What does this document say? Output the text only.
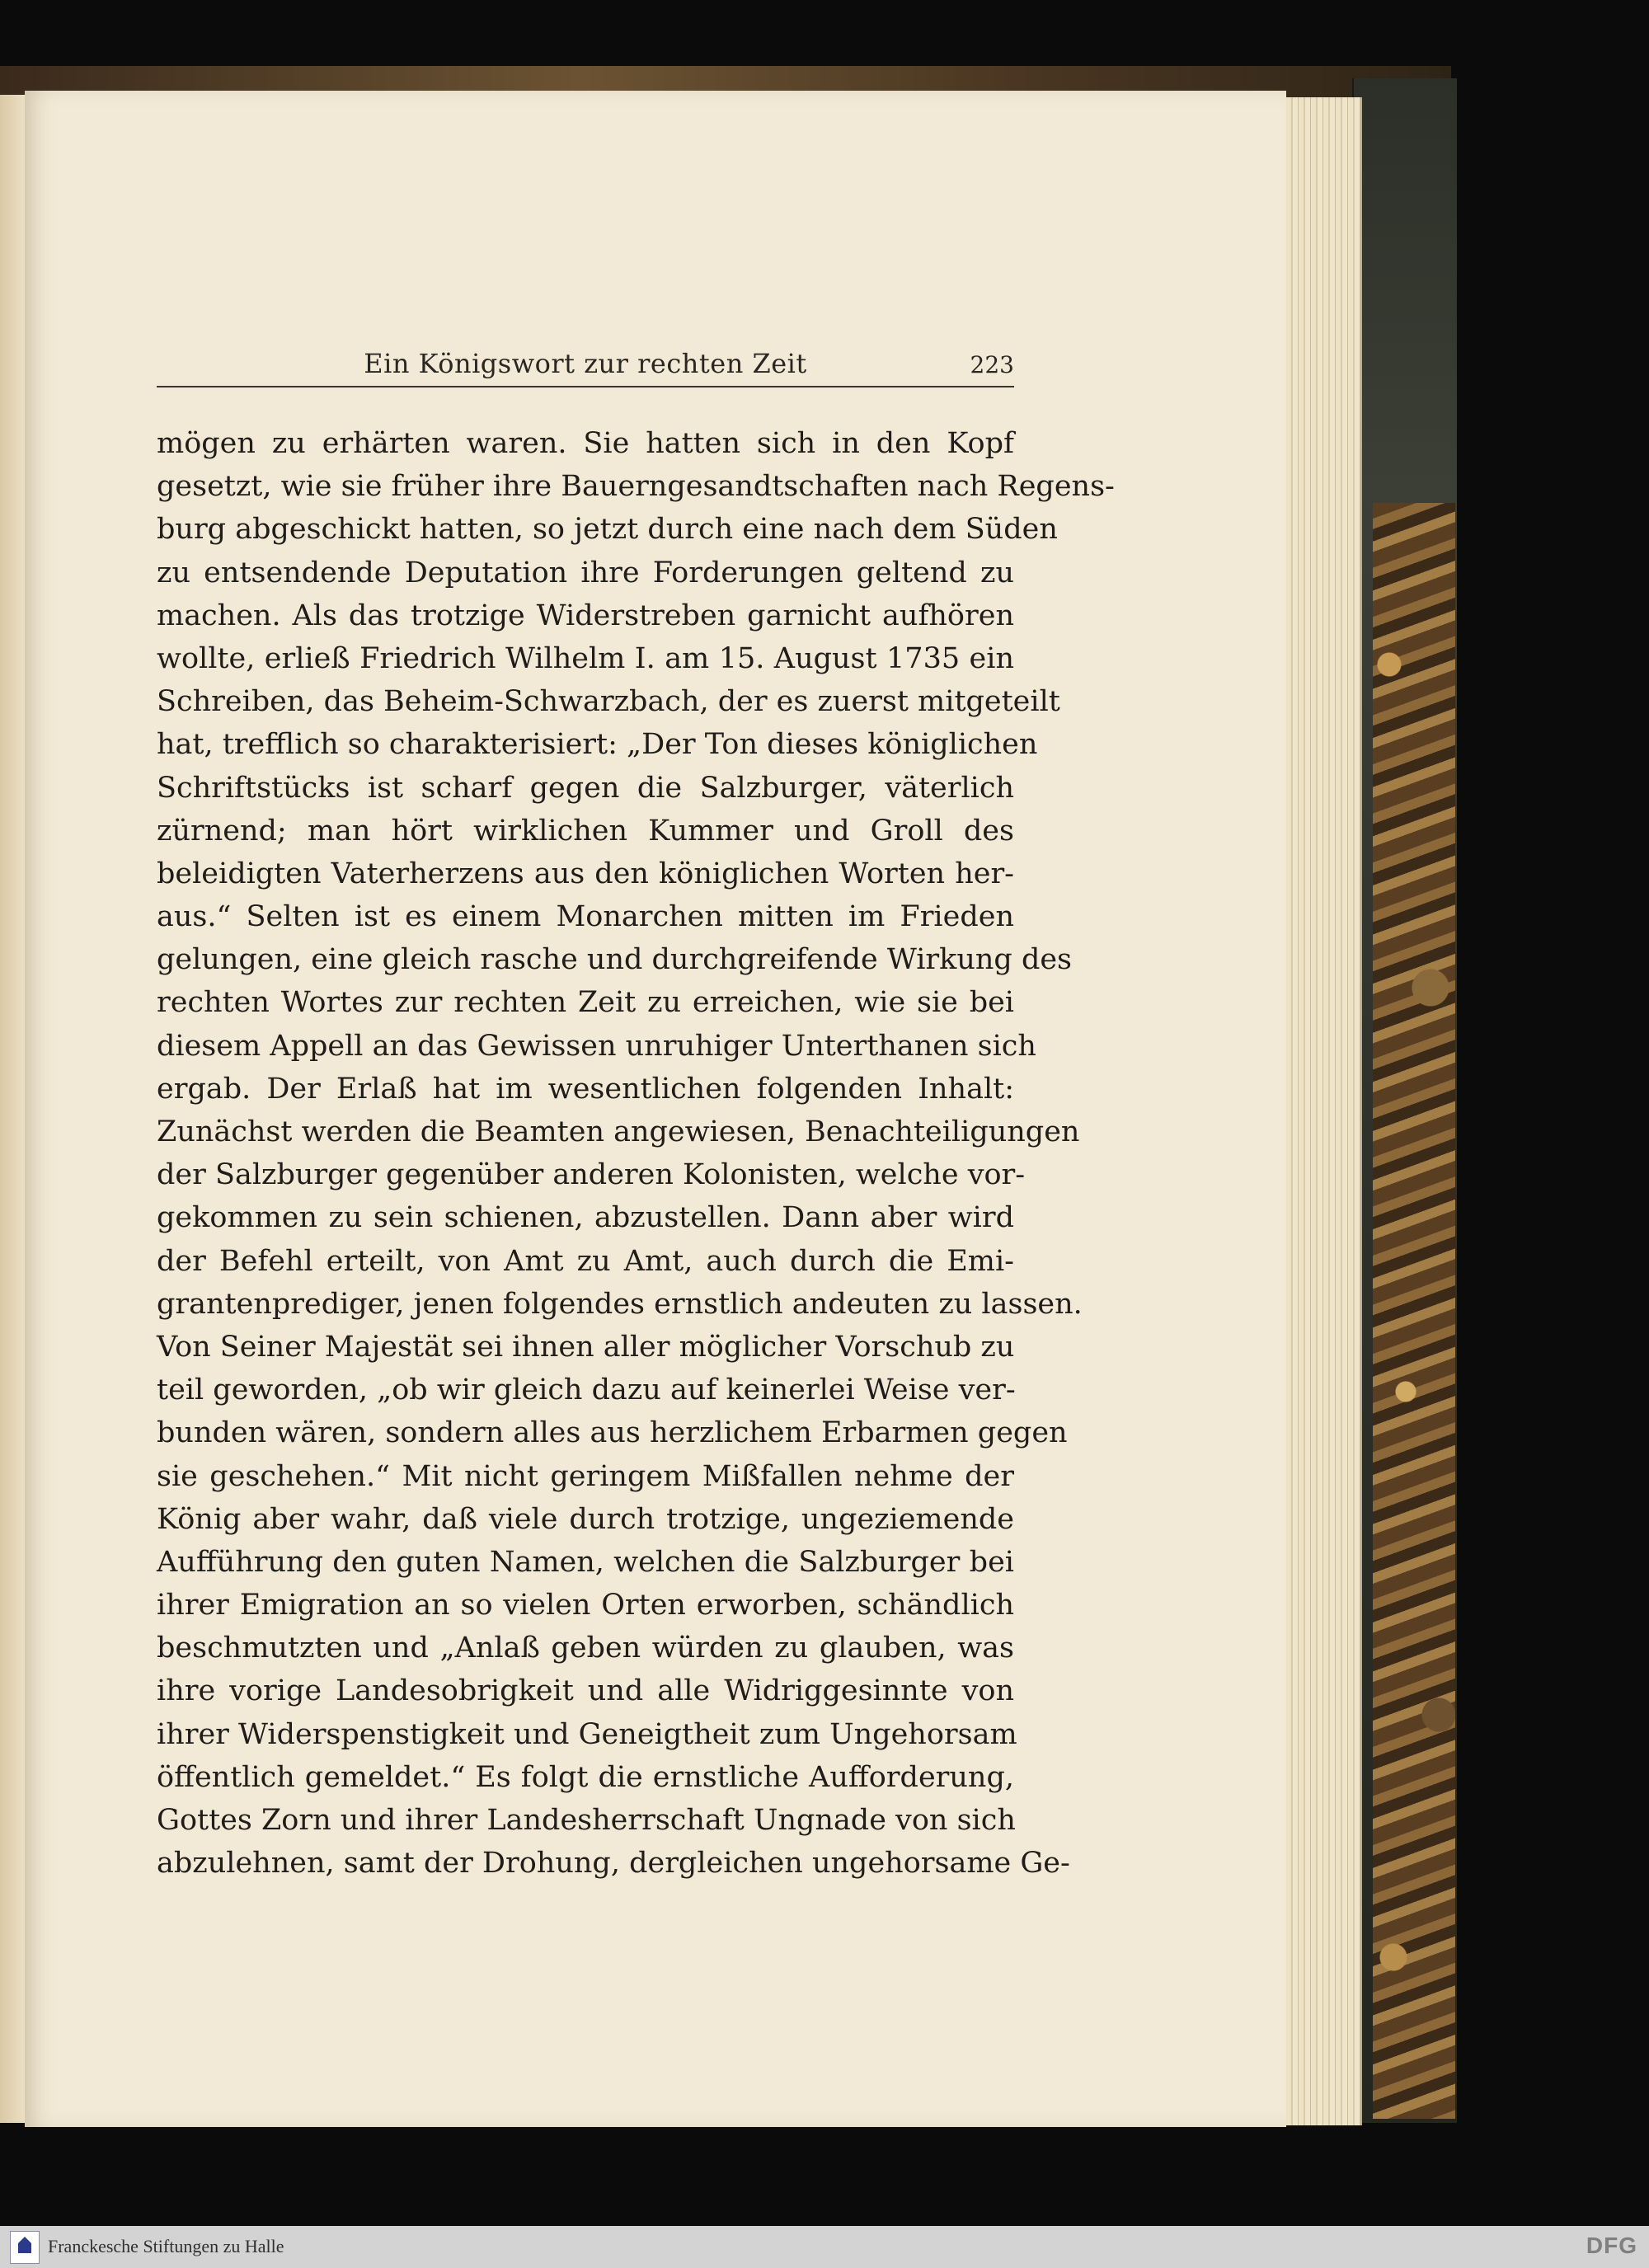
Ein Königswort zur rechten Zeit	223
mögen zu erhärten waren. Sie hatten sich in den Kopf
gesetzt, wie sie früher ihre Bauerngesandtschaften nach Regens-
burg abgeschickt hatten, so jetzt durch eine nach dem Süden
zu entsendende Deputation ihre Forderungen geltend zu
machen. Als das trotzige Widerstreben garnicht aufhören
wollte, erließ Friedrich Wilhelm I. am 15. August 1735 ein
Schreiben, das Beheim-Schwarzbach, der es zuerst mitgeteilt
hat, trefflich so charakterisiert: „Der Ton dieses königlichen
Schriftstücks ist scharf gegen die Salzburger, väterlich
zürnend; man hört wirklichen Kummer und Groll des
beleidigten Vaterherzens aus den königlichen Worten her-
aus.“ Selten ist es einem Monarchen mitten im Frieden
gelungen, eine gleich rasche und durchgreifende Wirkung des
rechten Wortes zur rechten Zeit zu erreichen, wie sie bei
diesem Appell an das Gewissen unruhiger Unterthanen sich
ergab. Der Erlaß hat im wesentlichen folgenden Inhalt:
Zunächst werden die Beamten angewiesen, Benachteiligungen
der Salzburger gegenüber anderen Kolonisten, welche vor-
gekommen zu sein schienen, abzustellen. Dann aber wird
der Befehl erteilt, von Amt zu Amt, auch durch die Emi-
grantenprediger, jenen folgendes ernstlich andeuten zu lassen.
Von Seiner Majestät sei ihnen aller möglicher Vorschub zu
teil geworden, „ob wir gleich dazu auf keinerlei Weise ver-
bunden wären, sondern alles aus herzlichem Erbarmen gegen
sie geschehen.“ Mit nicht geringem Mißfallen nehme der
König aber wahr, daß viele durch trotzige, ungeziemende
Aufführung den guten Namen, welchen die Salzburger bei
ihrer Emigration an so vielen Orten erworben, schändlich
beschmutzten und „Anlaß geben würden zu glauben, was
ihre vorige Landesobrigkeit und alle Widriggesinnte von
ihrer Widerspenstigkeit und Geneigtheit zum Ungehorsam
öffentlich gemeldet.“ Es folgt die ernstliche Aufforderung,
Gottes Zorn und ihrer Landesherrschaft Ungnade von sich
abzulehnen, samt der Drohung, dergleichen ungehorsame Ge-
Franckesche Stiftungen zu Halle	DFG
